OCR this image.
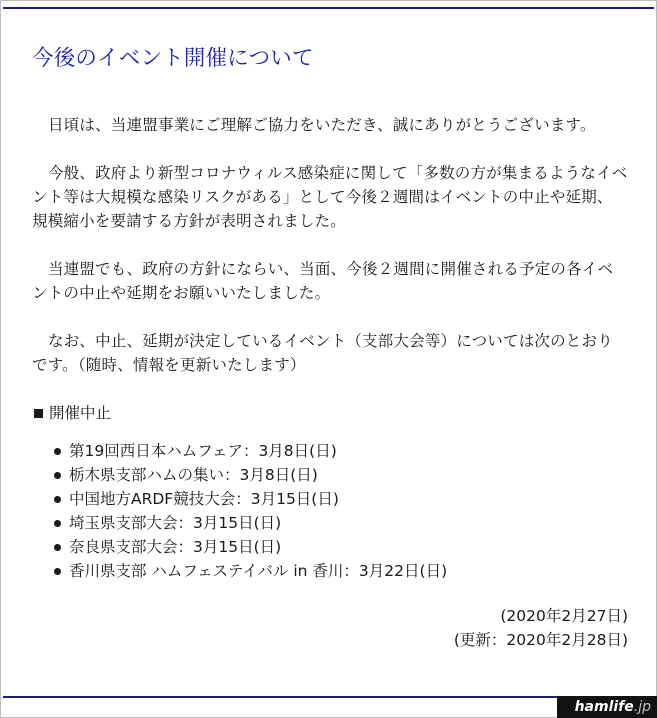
今後のイベント開催について

日頃は、当連盟事業にご理解ご協力をいただき、誠にありがとうございます。

今般、政府より新型コロナウィルス感染症に関して「多数の方が集まるようなイベント等は大規模な感染リスクがある」として今後２週間はイベントの中止や延期、規模縮小を要請する方針が表明されました。

当連盟でも、政府の方針にならい、当面、今後２週間に開催される予定の各イベントの中止や延期をお願いいたしました。

なお、中止、延期が決定しているイベント（支部大会等）については次のとおりです。（随時、情報を更新いたします）

開催中止
第19回西日本ハムフェア：3月8日(日)
栃木県支部ハムの集い：3月8日(日)
中国地方ARDF競技大会：3月15日(日)
埼玉県支部大会：3月15日(日)
奈良県支部大会：3月15日(日)
香川県支部 ハムフェステイバル in 香川：3月22日(日)
(2020年2月27日)
(更新：2020年2月28日)
hamlife .jp
